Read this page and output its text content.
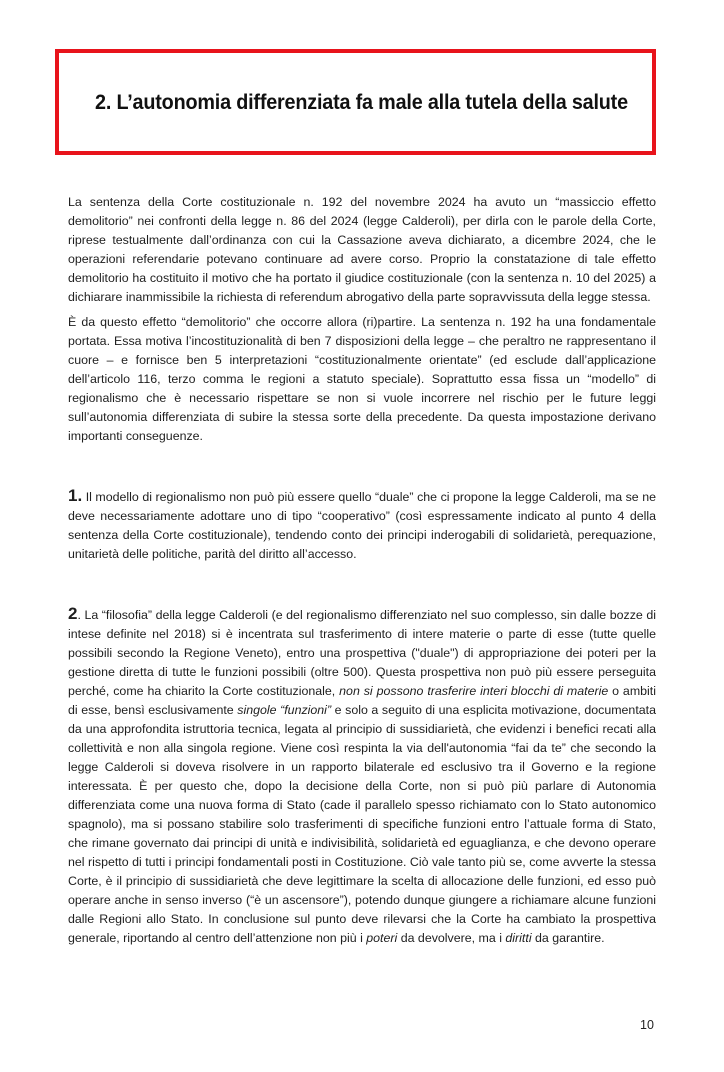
2. L’autonomia differenziata fa male alla tutela della salute

La sentenza della Corte costituzionale n. 192 del novembre 2024 ha avuto un “massiccio effetto demolitorio” nei confronti della legge n. 86 del 2024 (legge Calderoli), per dirla con le parole della Corte, riprese testualmente dall’ordinanza con cui la Cassazione aveva dichiarato, a dicembre 2024, che le operazioni referendarie potevano continuare ad avere corso. Proprio la constatazione di tale effetto demolitorio ha costituito il motivo che ha portato il giudice costituzionale (con la sentenza n. 10 del 2025) a dichiarare inammissibile la richiesta di referendum abrogativo della parte sopravvissuta della legge stessa.

È da questo effetto “demolitorio” che occorre allora (ri)partire. La sentenza n. 192 ha una fondamentale portata. Essa motiva l’incostituzionalità di ben 7 disposizioni della legge – che peraltro ne rappresentano il cuore – e fornisce ben 5 interpretazioni “costituzionalmente orientate” (ed esclude dall’applicazione dell’articolo 116, terzo comma le regioni a statuto speciale). Soprattutto essa fissa un “modello” di regionalismo che è necessario rispettare se non si vuole incorrere nel rischio per le future leggi sull’autonomia differenziata di subire la stessa sorte della precedente. Da questa impostazione derivano importanti conseguenze.

1. Il modello di regionalismo non può più essere quello “duale” che ci propone la legge Calderoli, ma se ne deve necessariamente adottare uno di tipo “cooperativo” (così espressamente indicato al punto 4 della sentenza della Corte costituzionale), tendendo conto dei principi inderogabili di solidarietà, perequazione, unitarietà delle politiche, parità del diritto all’accesso.

2. La “filosofia” della legge Calderoli (e del regionalismo differenziato nel suo complesso, sin dalle bozze di intese definite nel 2018) si è incentrata sul trasferimento di intere materie o parte di esse (tutte quelle possibili secondo la Regione Veneto), entro una prospettiva ("duale") di appropriazione dei poteri per la gestione diretta di tutte le funzioni possibili (oltre 500). Questa prospettiva non può più essere perseguita perché, come ha chiarito la Corte costituzionale, non si possono trasferire interi blocchi di materie o ambiti di esse, bensì esclusivamente singole “funzioni” e solo a seguito di una esplicita motivazione, documentata da una approfondita istruttoria tecnica, legata al principio di sussidiarietà, che evidenzi i benefici recati alla collettività e non alla singola regione. Viene così respinta la via dell'autonomia “fai da te” che secondo la legge Calderoli si doveva risolvere in un rapporto bilaterale ed esclusivo tra il Governo e la regione interessata. È per questo che, dopo la decisione della Corte, non si può più parlare di Autonomia differenziata come una nuova forma di Stato (cade il parallelo spesso richiamato con lo Stato autonomico spagnolo), ma si possano stabilire solo trasferimenti di specifiche funzioni entro l’attuale forma di Stato, che rimane governato dai principi di unità e indivisibilità, solidarietà ed eguaglianza, e che devono operare nel rispetto di tutti i principi fondamentali posti in Costituzione. Ciò vale tanto più se, come avverte la stessa Corte, è il principio di sussidiarietà che deve legittimare la scelta di allocazione delle funzioni, ed esso può operare anche in senso inverso (“è un ascensore”), potendo dunque giungere a richiamare alcune funzioni dalle Regioni allo Stato. In conclusione sul punto deve rilevarsi che la Corte ha cambiato la prospettiva generale, riportando al centro dell’attenzione non più i poteri da devolvere, ma i diritti da garantire.

10
